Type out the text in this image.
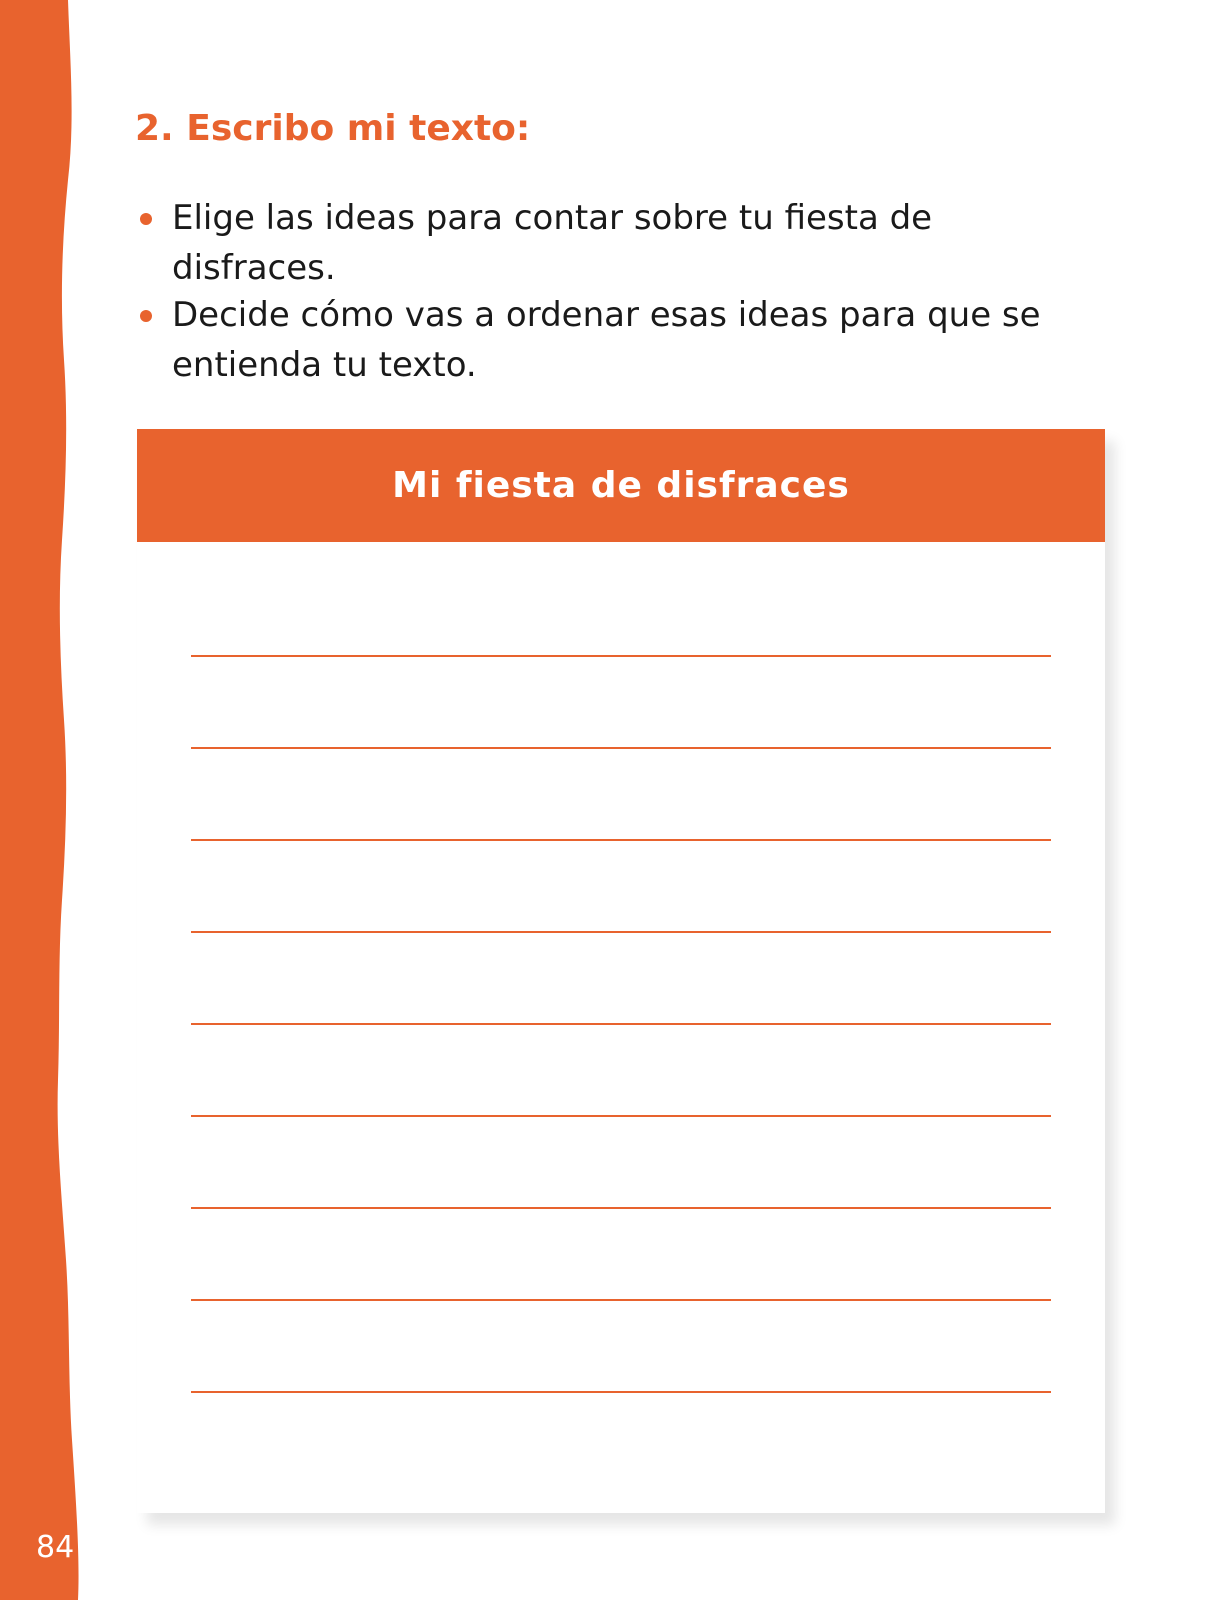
84
2. Escribo mi texto:
Elige las ideas para contar sobre tu fiesta de disfraces.
Decide cómo vas a ordenar esas ideas para que se entienda tu texto.
Mi fiesta de disfraces
